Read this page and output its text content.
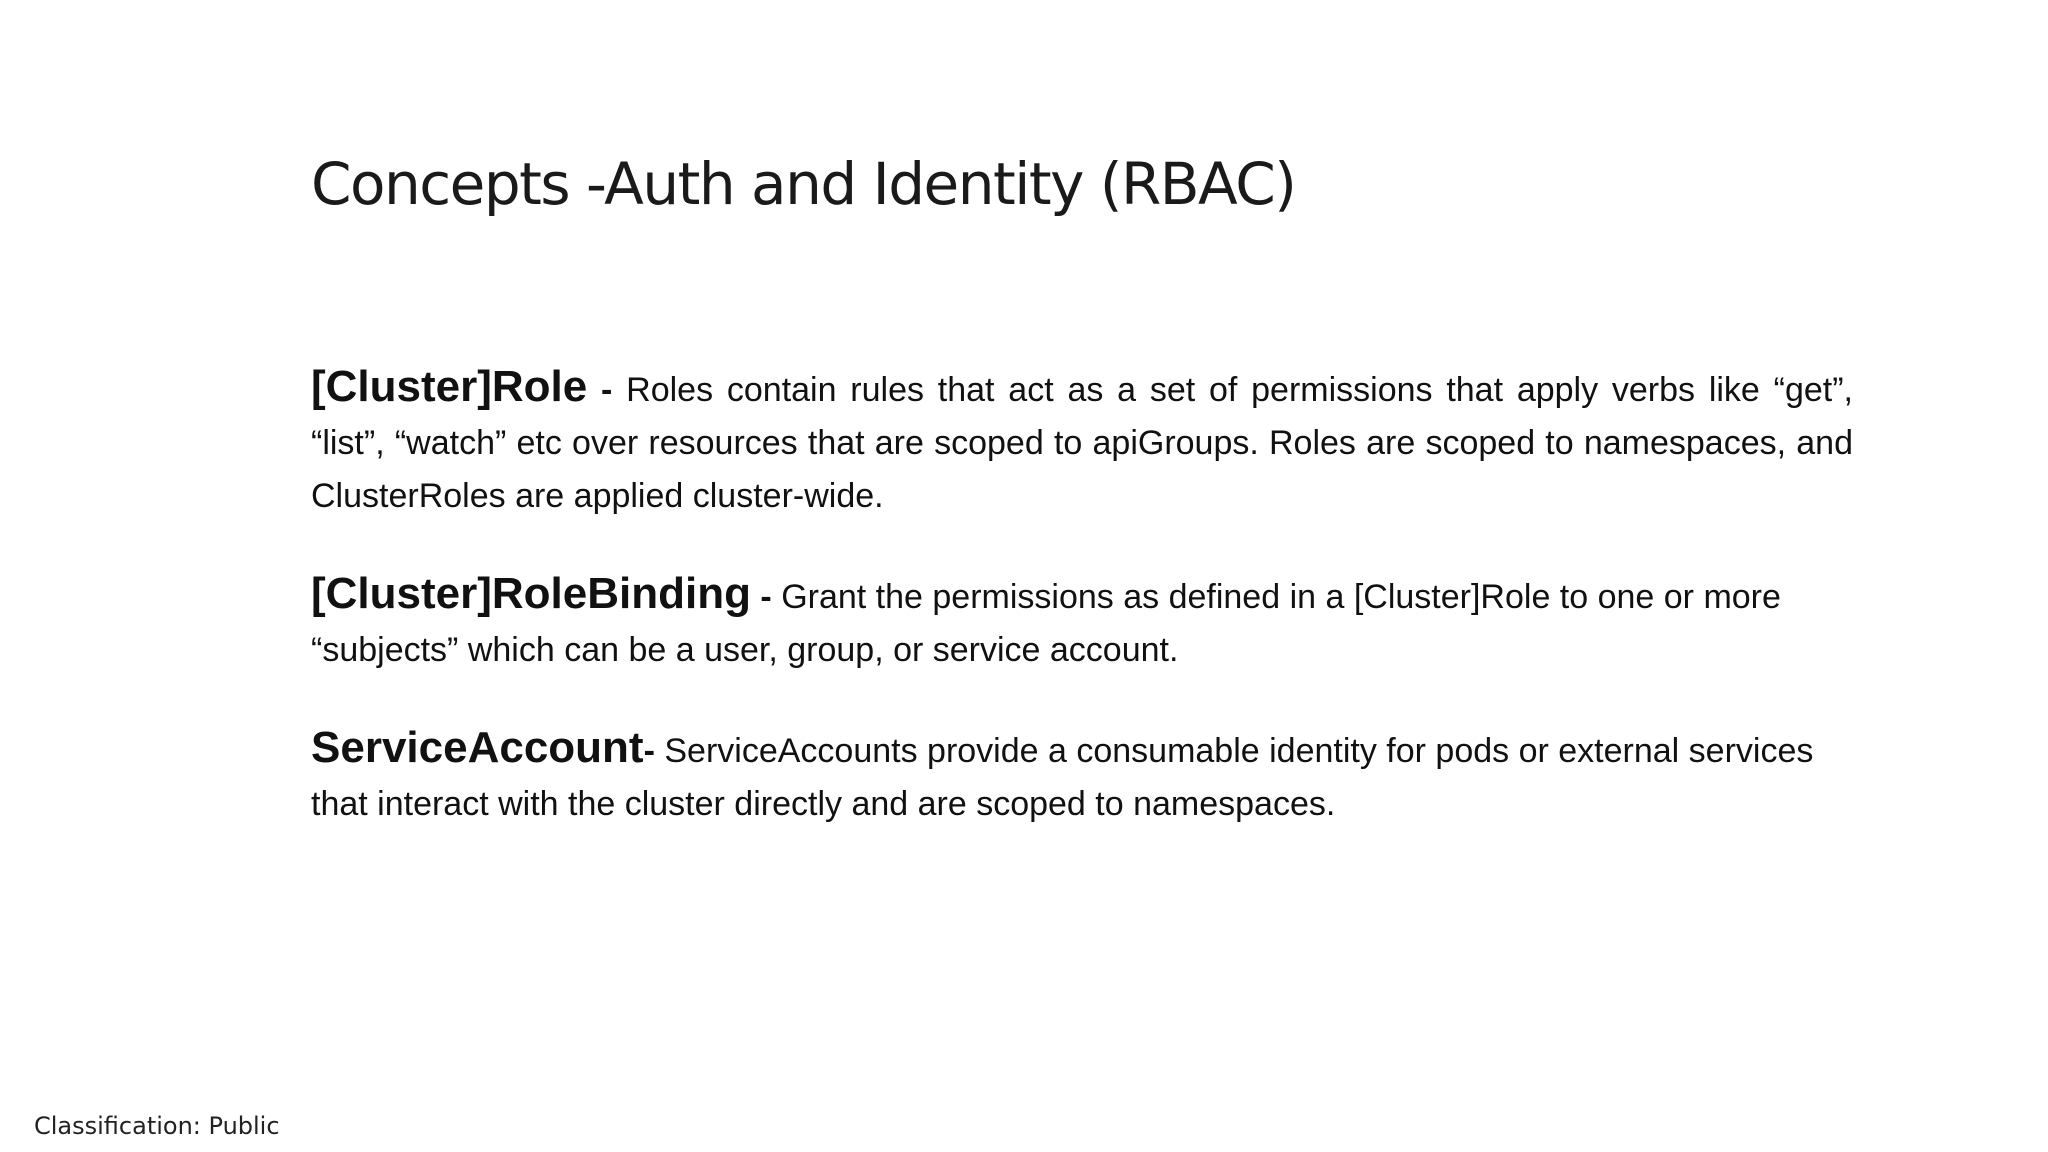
Concepts -Auth and Identity (RBAC)

[Cluster]Role - Roles contain rules that act as a set of permissions that apply verbs like “get”, “list”, “watch” etc over resources that are scoped to apiGroups. Roles are scoped to namespaces, and ClusterRoles are applied cluster-wide.

[Cluster]RoleBinding - Grant the permissions as defined in a [Cluster]Role to one or more “subjects” which can be a user, group, or service account.

ServiceAccount- ServiceAccounts provide a consumable identity for pods or external services that interact with the cluster directly and are scoped to namespaces.

Classification: Public
